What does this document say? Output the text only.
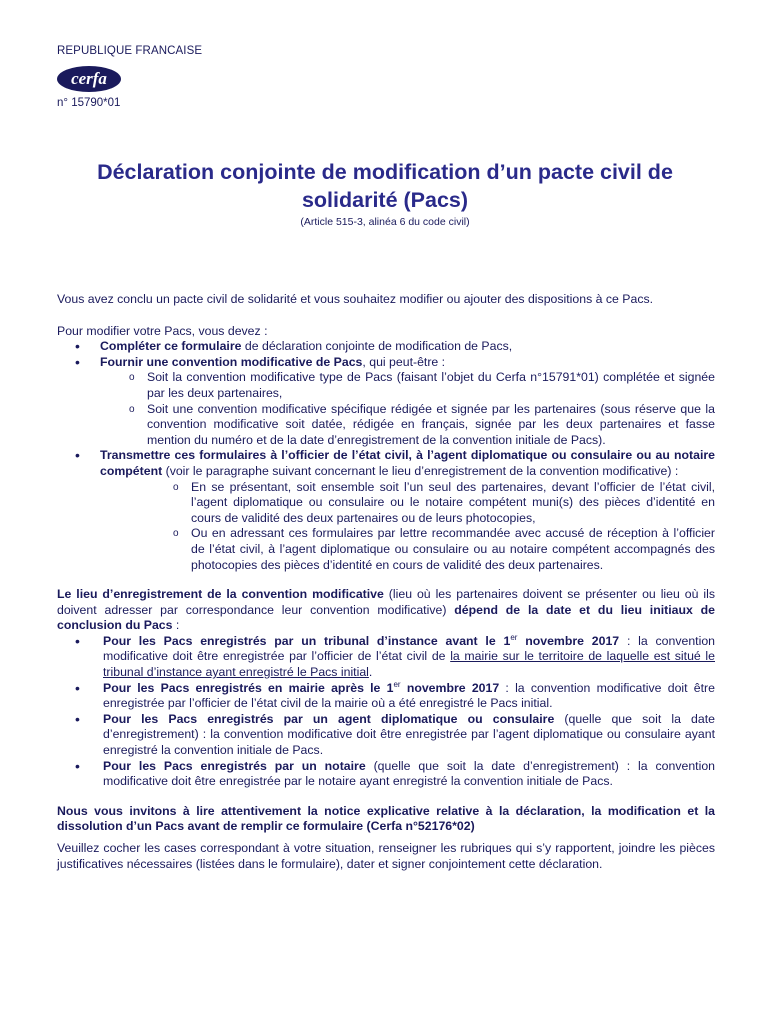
REPUBLIQUE FRANCAISE
cerfa
n° 15790*01
Déclaration conjointe de modification d’un pacte civil de
solidarité (Pacs)
(Article 515-3, alinéa 6 du code civil)

Vous avez conclu un pacte civil de solidarité et vous souhaitez modifier ou ajouter des dispositions à ce Pacs.

Pour modifier votre Pacs, vous devez :

• Compléter ce formulaire de déclaration conjointe de modification de Pacs,
• Fournir une convention modificative de Pacs, qui peut-être :
o Soit la convention modificative type de Pacs (faisant l’objet du Cerfa n°15791*01) complétée et signée par les deux partenaires,
o Soit une convention modificative spécifique rédigée et signée par les partenaires (sous réserve que la convention modificative soit datée, rédigée en français, signée par les deux partenaires et fasse mention du numéro et de la date d’enregistrement de la convention initiale de Pacs).
• Transmettre ces formulaires à l’officier de l’état civil, à l’agent diplomatique ou consulaire ou au notaire compétent (voir le paragraphe suivant concernant le lieu d’enregistrement de la convention modificative) :
o En se présentant, soit ensemble soit l’un seul des partenaires, devant l’officier de l’état civil, l’agent diplomatique ou consulaire ou le notaire compétent muni(s) des pièces d’identité en cours de validité des deux partenaires ou de leurs photocopies,
o Ou en adressant ces formulaires par lettre recommandée avec accusé de réception à l’officier de l’état civil, à l’agent diplomatique ou consulaire ou au notaire compétent accompagnés des photocopies des pièces d’identité en cours de validité des deux partenaires.

Le lieu d’enregistrement de la convention modificative (lieu où les partenaires doivent se présenter ou lieu où ils doivent adresser par correspondance leur convention modificative) dépend de la date et du lieu initiaux de conclusion du Pacs :

• Pour les Pacs enregistrés par un tribunal d’instance avant le 1er novembre 2017 : la convention modificative doit être enregistrée par l’officier de l’état civil de la mairie sur le territoire de laquelle est situé le tribunal d’instance ayant enregistré le Pacs initial.
• Pour les Pacs enregistrés en mairie après le 1er novembre 2017 : la convention modificative doit être enregistrée par l’officier de l’état civil de la mairie où a été enregistré le Pacs initial.
• Pour les Pacs enregistrés par un agent diplomatique ou consulaire (quelle que soit la date d’enregistrement) : la convention modificative doit être enregistrée par l’agent diplomatique ou consulaire ayant enregistré la convention initiale de Pacs.
• Pour les Pacs enregistrés par un notaire (quelle que soit la date d’enregistrement) : la convention modificative doit être enregistrée par le notaire ayant enregistré la convention initiale de Pacs.

Nous vous invitons à lire attentivement la notice explicative relative à la déclaration, la modification et la dissolution d’un Pacs avant de remplir ce formulaire (Cerfa n°52176*02)

Veuillez cocher les cases correspondant à votre situation, renseigner les rubriques qui s’y rapportent, joindre les pièces justificatives nécessaires (listées dans le formulaire), dater et signer conjointement cette déclaration.
